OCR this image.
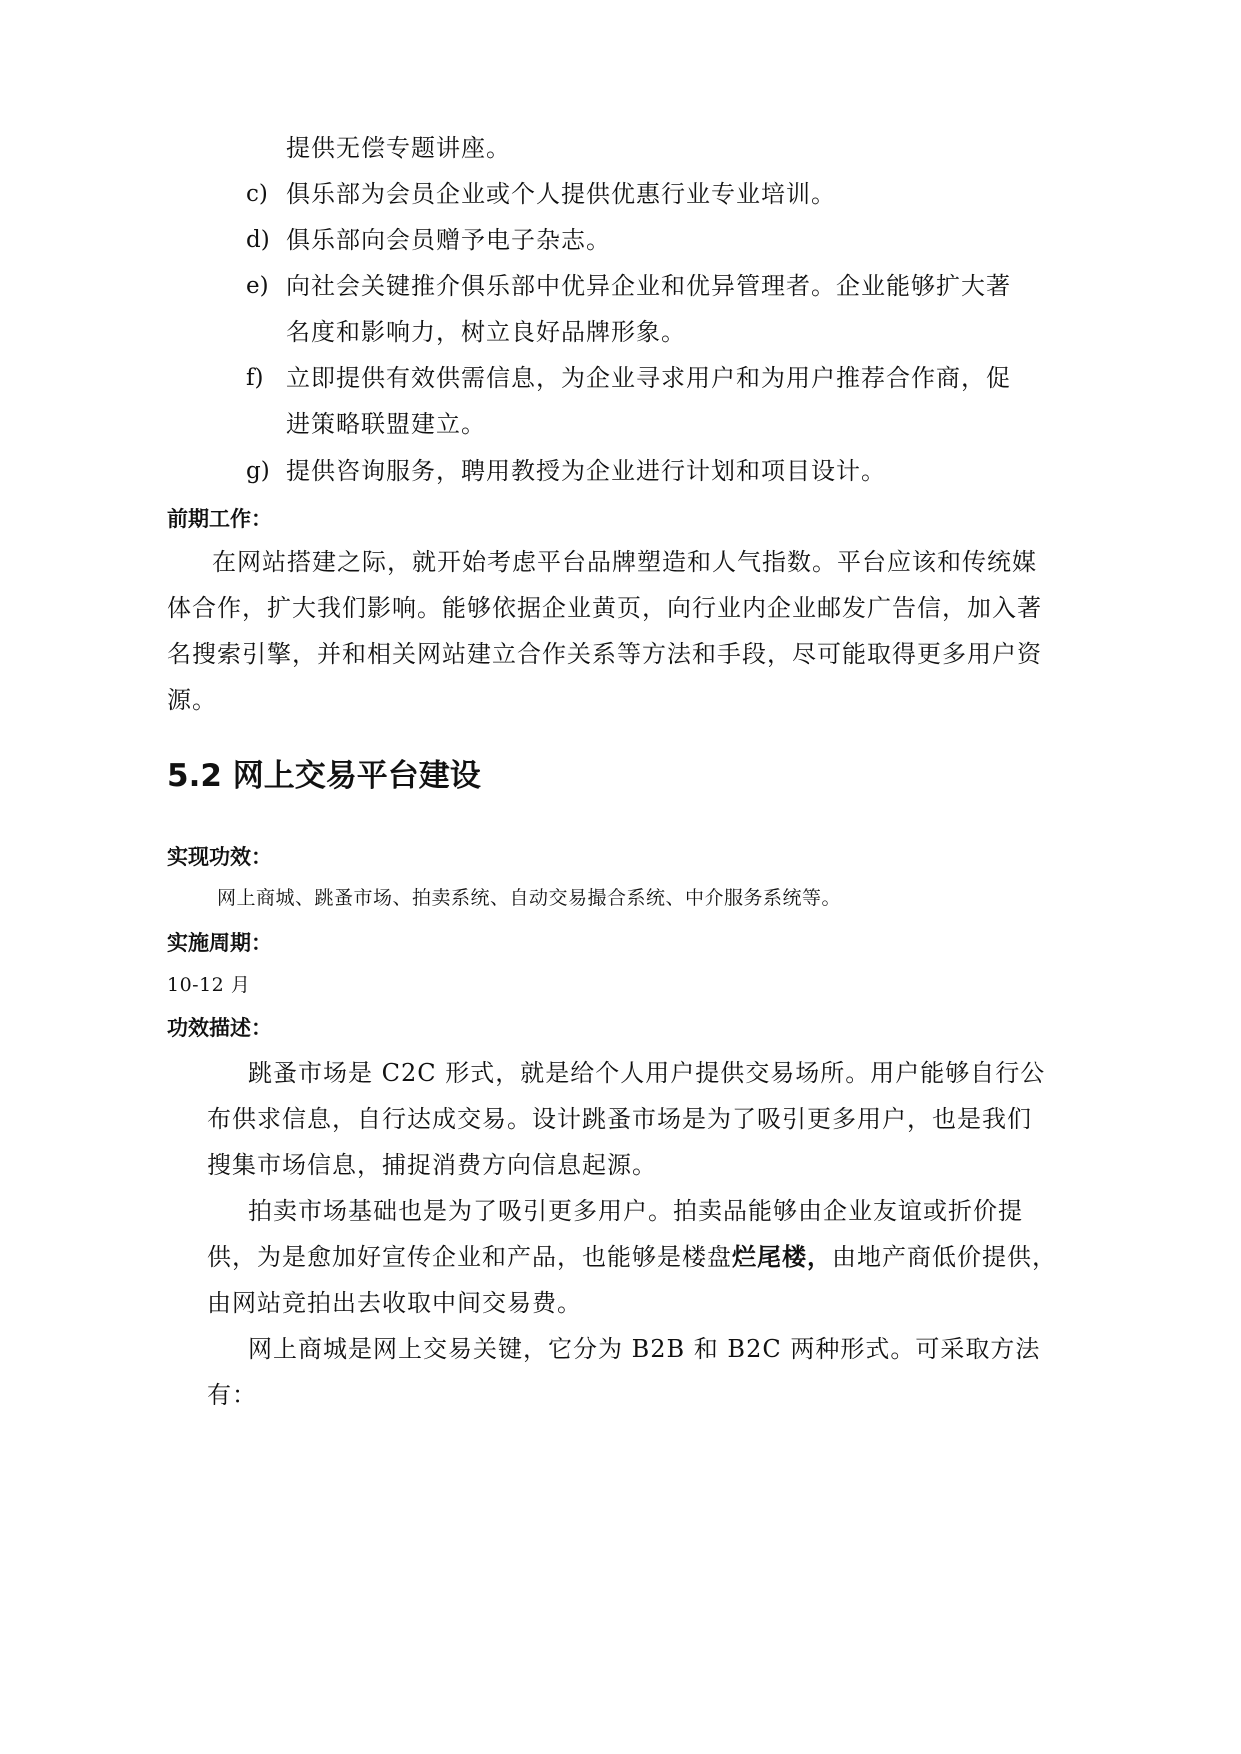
提供无偿专题讲座。
c) 俱乐部为会员企业或个人提供优惠行业专业培训。
d) 俱乐部向会员赠予电子杂志。
e) 向社会关键推介俱乐部中优异企业和优异管理者。企业能够扩大著
名度和影响力，树立良好品牌形象。
f) 立即提供有效供需信息，为企业寻求用户和为用户推荐合作商，促
进策略联盟建立。
g) 提供咨询服务，聘用教授为企业进行计划和项目设计。
前期工作：
在网站搭建之际，就开始考虑平台品牌塑造和人气指数。平台应该和传统媒
体合作，扩大我们影响。能够依据企业黄页，向行业内企业邮发广告信，加入著
名搜索引擎，并和相关网站建立合作关系等方法和手段，尽可能取得更多用户资
源。
5.2 网上交易平台建设
实现功效：
网上商城、跳蚤市场、拍卖系统、自动交易撮合系统、中介服务系统等。
实施周期：
10-12 月
功效描述：
跳蚤市场是 C2C 形式，就是给个人用户提供交易场所。用户能够自行公
布供求信息，自行达成交易。设计跳蚤市场是为了吸引更多用户，也是我们
搜集市场信息，捕捉消费方向信息起源。
拍卖市场基础也是为了吸引更多用户。拍卖品能够由企业友谊或折价提
供，为是愈加好宣传企业和产品，也能够是楼盘烂尾楼，由地产商低价提供，
由网站竞拍出去收取中间交易费。
网上商城是网上交易关键，它分为 B2B 和 B2C 两种形式。可采取方法
有：
